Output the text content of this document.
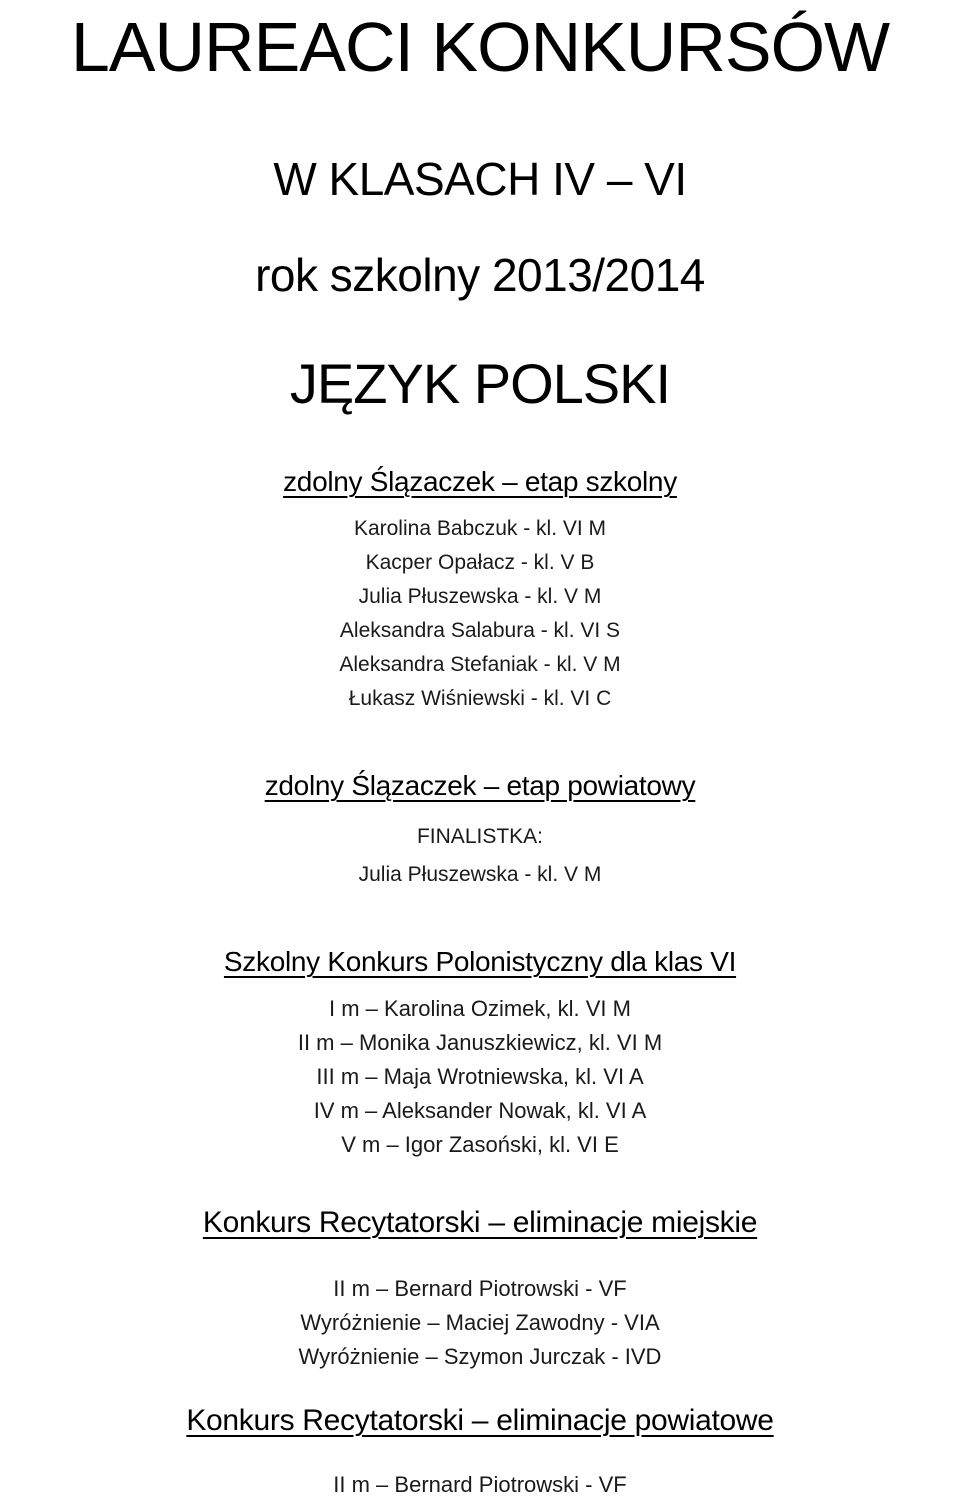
LAUREACI KONKURSÓW
W KLASACH IV – VI
rok szkolny 2013/2014
JĘZYK POLSKI
zdolny Ślązaczek – etap szkolny
Karolina Babczuk - kl. VI M
Kacper Opałacz - kl. V B
Julia Płuszewska - kl. V M
Aleksandra Salabura - kl. VI S
Aleksandra Stefaniak - kl. V M
Łukasz Wiśniewski - kl. VI C
zdolny Ślązaczek – etap powiatowy
FINALISTKA:
Julia Płuszewska - kl. V M
Szkolny Konkurs Polonistyczny dla klas VI
I m – Karolina Ozimek, kl. VI M
II m – Monika Januszkiewicz, kl. VI M
III m – Maja Wrotniewska, kl. VI A
IV m – Aleksander Nowak, kl. VI A
V m – Igor Zasoński, kl. VI E
Konkurs Recytatorski – eliminacje miejskie
II m – Bernard Piotrowski - VF
Wyróżnienie – Maciej Zawodny - VIA
Wyróżnienie – Szymon Jurczak - IVD
Konkurs Recytatorski – eliminacje powiatowe
II m – Bernard Piotrowski - VF
